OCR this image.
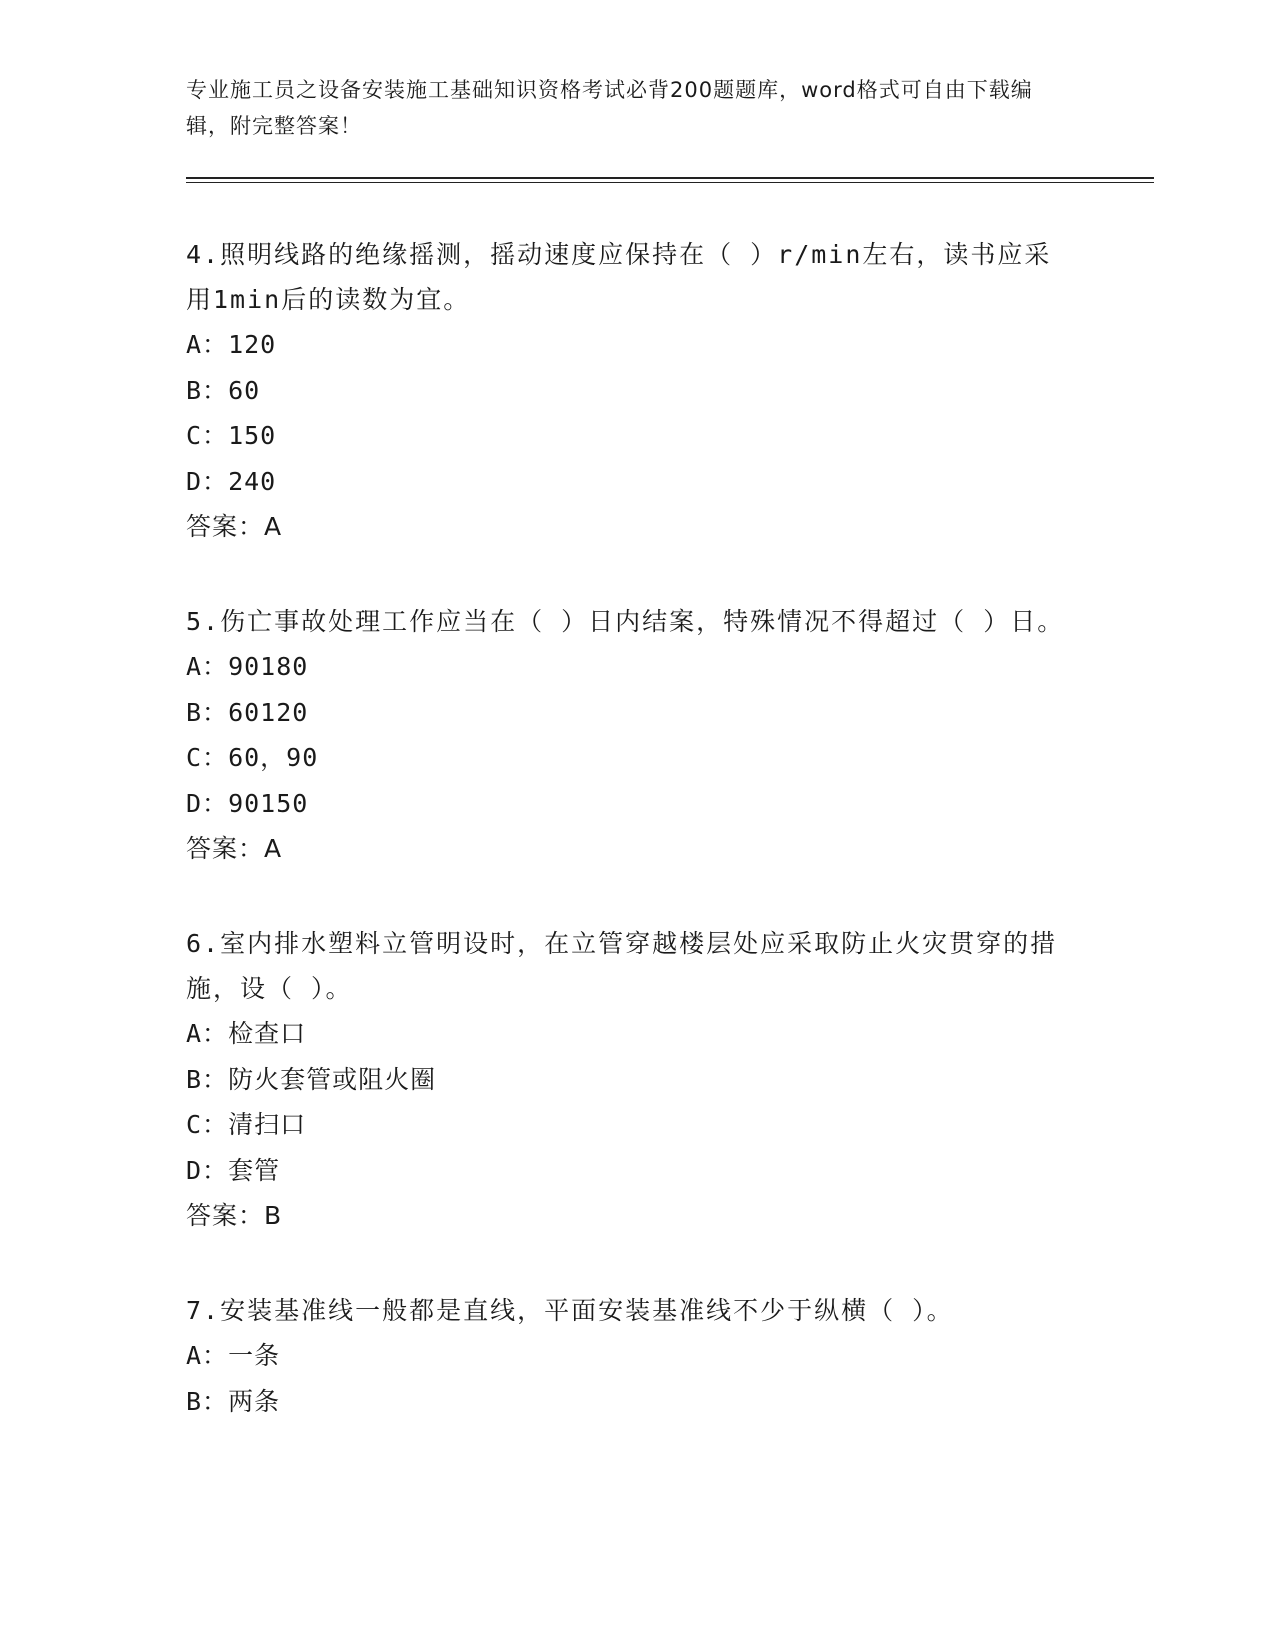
专业施工员之设备安装施工基础知识资格考试必背200题题库，word格式可自由下载编辑，附完整答案！

4.照明线路的绝缘摇测，摇动速度应保持在（ ）r/min左右，读书应采用1min后的读数为宜。

A：120

B：60

C：150

D：240

答案：A

5.伤亡事故处理工作应当在（ ）日内结案，特殊情况不得超过（ ）日。

A：90180

B：60120

C：60，90

D：90150

答案：A

6.室内排水塑料立管明设时，在立管穿越楼层处应采取防止火灾贯穿的措施，设（ ）。

A：检查口

B：防火套管或阻火圈

C：清扫口

D：套管

答案：B

7.安装基准线一般都是直线，平面安装基准线不少于纵横（ ）。

A：一条

B：两条
